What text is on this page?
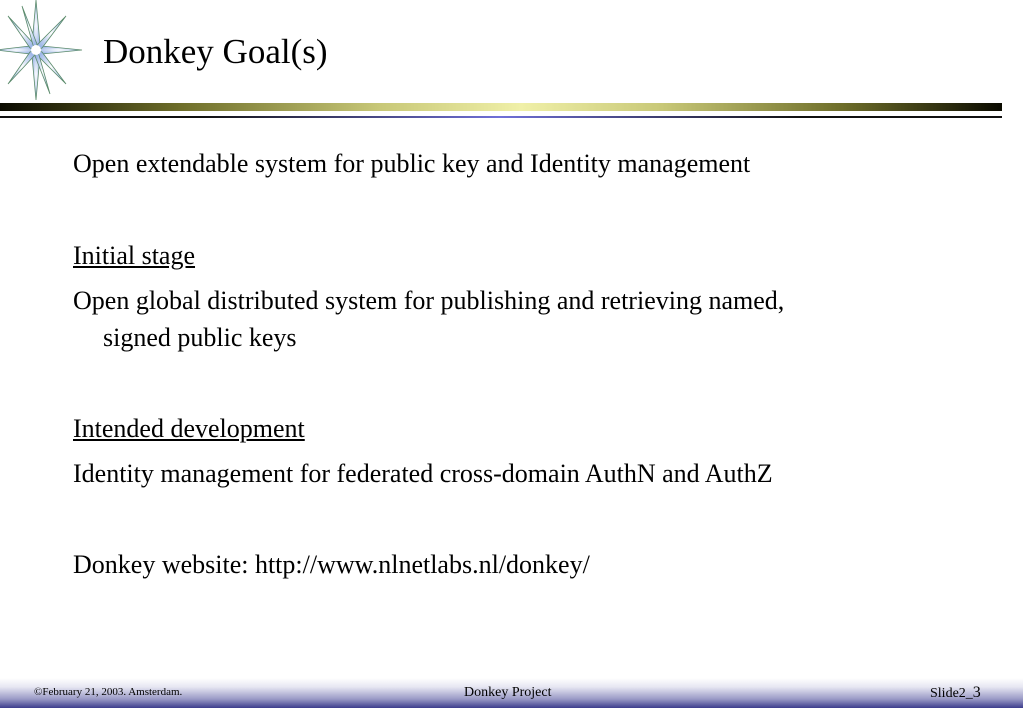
Donkey Goal(s)
Open extendable system for public key and Identity management
Initial stage
Open global distributed system for publishing and retrieving named,
signed public keys
Intended development
Identity management for federated cross-domain AuthN and AuthZ
Donkey website: http://www.nlnetlabs.nl/donkey/
©February 21, 2003. Amsterdam.	Donkey Project	Slide2_3
